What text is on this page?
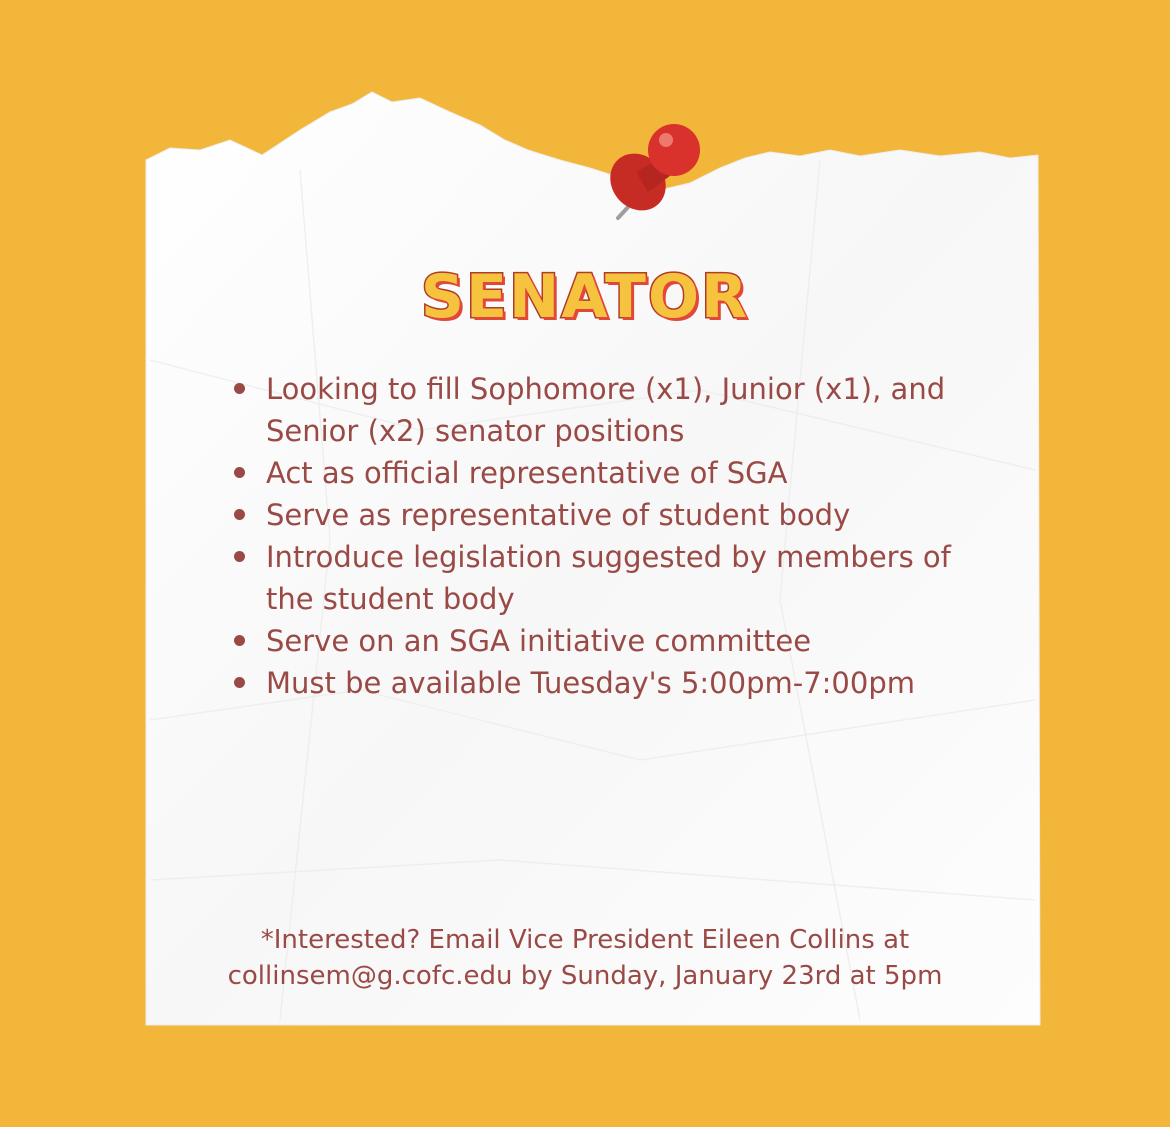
SENATOR
Looking to fill Sophomore (x1), Junior (x1), and Senior (x2) senator positions
Act as official representative of SGA
Serve as representative of student body
Introduce legislation suggested by members of the student body
Serve on an SGA initiative committee
Must be available Tuesday's 5:00pm-7:00pm
*Interested? Email Vice President Eileen Collins at
collinsem@g.cofc.edu by Sunday, January 23rd at 5pm
